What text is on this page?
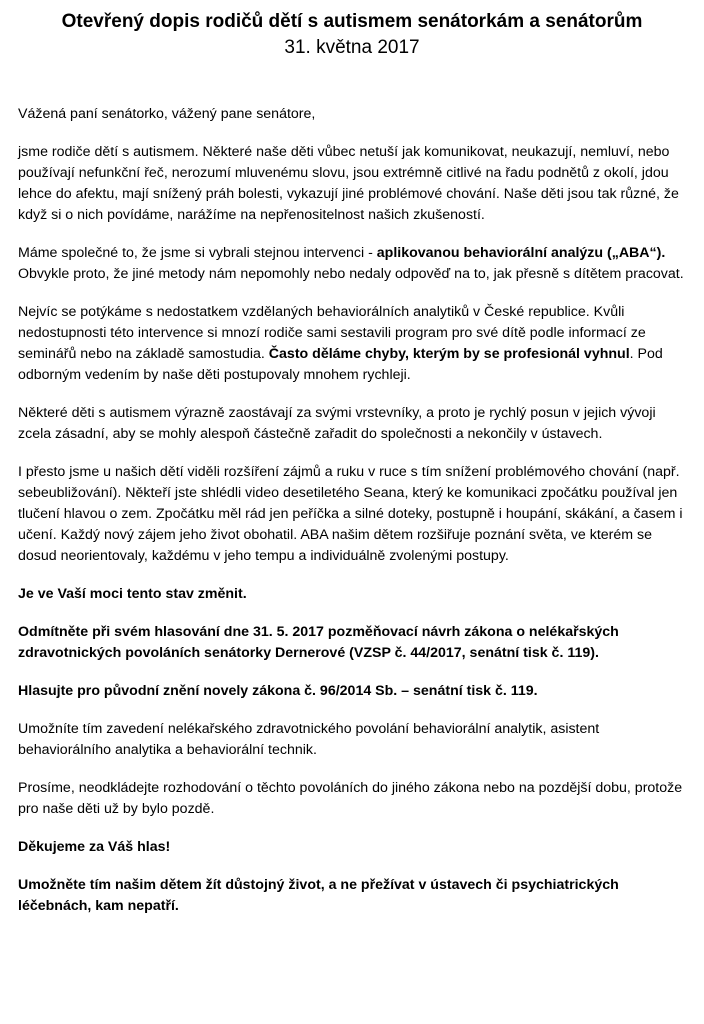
Otevřený dopis rodičů dětí s autismem senátorkám a senátorům
31. května 2017

Vážená paní senátorko, vážený pane senátore,

jsme rodiče dětí s autismem. Některé naše děti vůbec netuší jak komunikovat, neukazují, nemluví, nebo používají nefunkční řeč, nerozumí mluvenému slovu, jsou extrémně citlivé na řadu podnětů z okolí, jdou lehce do afektu, mají snížený práh bolesti, vykazují jiné problémové chování. Naše děti jsou tak různé, že když si o nich povídáme, narážíme na nepřenositelnost našich zkušeností.

Máme společné to, že jsme si vybrali stejnou intervenci - aplikovanou behaviorální analýzu („ABA“). Obvykle proto, že jiné metody nám nepomohly nebo nedaly odpověď na to, jak přesně s dítětem pracovat.

Nejvíc se potýkáme s nedostatkem vzdělaných behaviorálních analytiků v České republice. Kvůli nedostupnosti této intervence si mnozí rodiče sami sestavili program pro své dítě podle informací ze seminářů nebo na základě samostudia. Často děláme chyby, kterým by se profesionál vyhnul. Pod odborným vedením by naše děti postupovaly mnohem rychleji.

Některé děti s autismem výrazně zaostávají za svými vrstevníky, a proto je rychlý posun v jejich vývoji zcela zásadní, aby se mohly alespoň částečně zařadit do společnosti a nekončily v ústavech.

I přesto jsme u našich dětí viděli rozšíření zájmů a ruku v ruce s tím snížení problémového chování (např. sebeubližování). Někteří jste shlédli video desetiletého Seana, který ke komunikaci zpočátku používal jen tlučení hlavou o zem. Zpočátku měl rád jen peříčka a silné doteky, postupně i houpání, skákání, a časem i učení. Každý nový zájem jeho život obohatil. ABA našim dětem rozšiřuje poznání světa, ve kterém se dosud neorientovaly, každému v jeho tempu a individuálně zvolenými postupy.

Je ve Vaší moci tento stav změnit.

Odmítněte při svém hlasování dne 31. 5. 2017 pozměňovací návrh zákona o nelékařských zdravotnických povoláních senátorky Dernerové (VZSP č. 44/2017, senátní tisk č. 119).

Hlasujte pro původní znění novely zákona č. 96/2014 Sb. – senátní tisk č. 119.

Umožníte tím zavedení nelékařského zdravotnického povolání behaviorální analytik, asistent behaviorálního analytika a behaviorální technik.

Prosíme, neodkládejte rozhodování o těchto povoláních do jiného zákona nebo na pozdější dobu, protože pro naše děti už by bylo pozdě.

Děkujeme za Váš hlas!

Umožněte tím našim dětem žít důstojný život, a ne přežívat v ústavech či psychiatrických léčebnách, kam nepatří.
